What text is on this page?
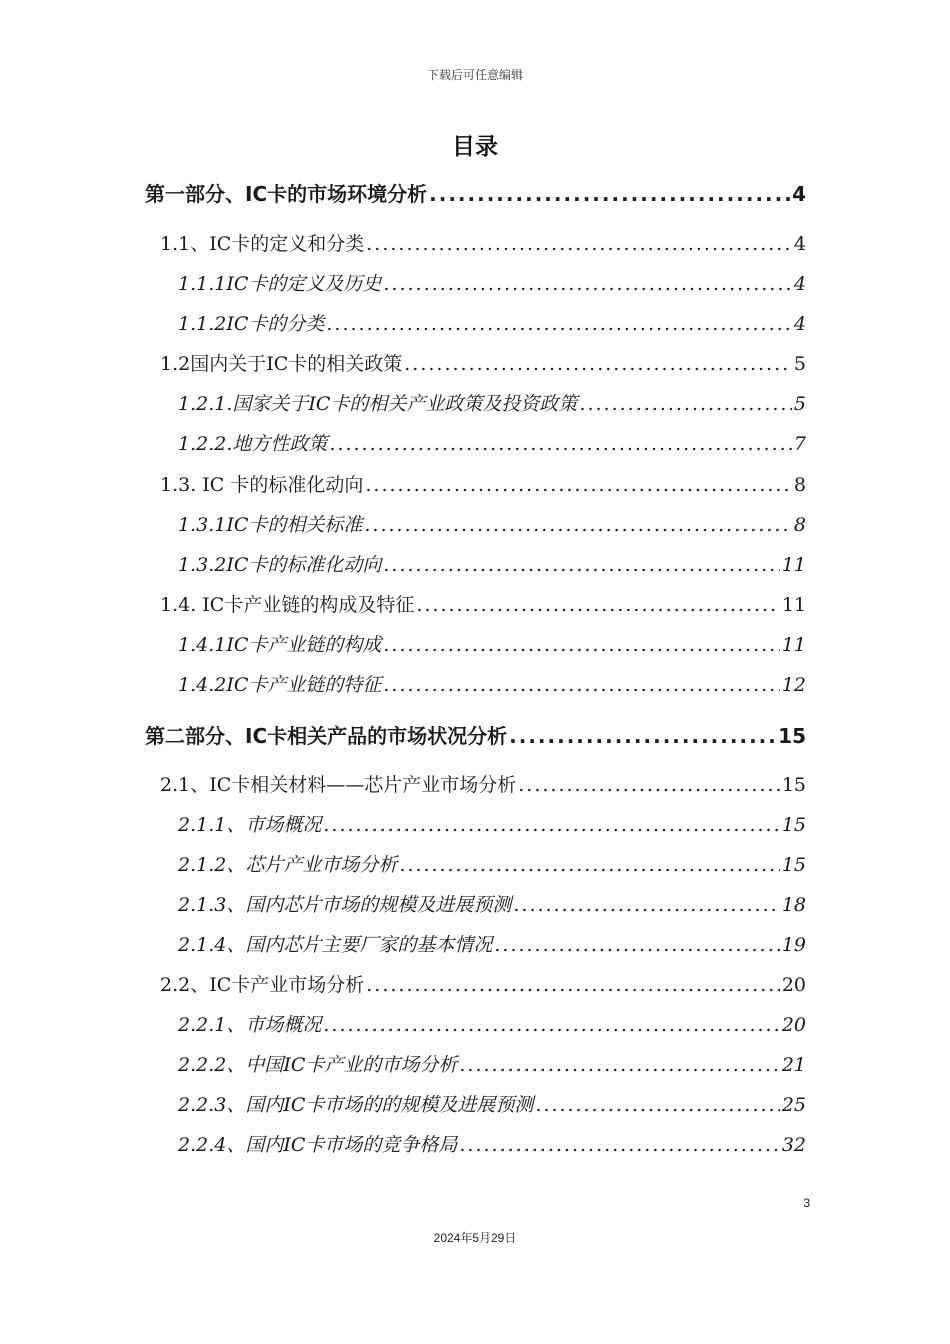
下载后可任意编辑
目录
第一部分、IC卡的市场环境分析 .....	4
1.1、IC卡的定义和分类 .....	4
1.1.1IC卡的定义及历史 .....	4
1.1.2IC卡的分类 .....	4
1.2国内关于IC卡的相关政策 .....	5
1.2.1.国家关于IC卡的相关产业政策及投资政策 .....	5
1.2.2.地方性政策 .....	7
1.3. IC 卡的标准化动向 .....	8
1.3.1IC卡的相关标准 .....	8
1.3.2IC卡的标准化动向 .....	11
1.4. IC卡产业链的构成及特征 .....	11
1.4.1IC卡产业链的构成 .....	11
1.4.2IC卡产业链的特征 .....	12
第二部分、IC卡相关产品的市场状况分析 .....	15
2.1、IC卡相关材料——芯片产业市场分析 .....	15
2.1.1、市场概况 .....	15
2.1.2、芯片产业市场分析 .....	15
2.1.3、国内芯片市场的规模及进展预测 .....	18
2.1.4、国内芯片主要厂家的基本情况 .....	19
2.2、IC卡产业市场分析 .....	20
2.2.1、市场概况 .....	20
2.2.2、中国IC卡产业的市场分析 .....	21
2.2.3、国内IC卡市场的的规模及进展预测 .....	25
2.2.4、国内IC卡市场的竞争格局 .....	32
3
2024年5月29日
